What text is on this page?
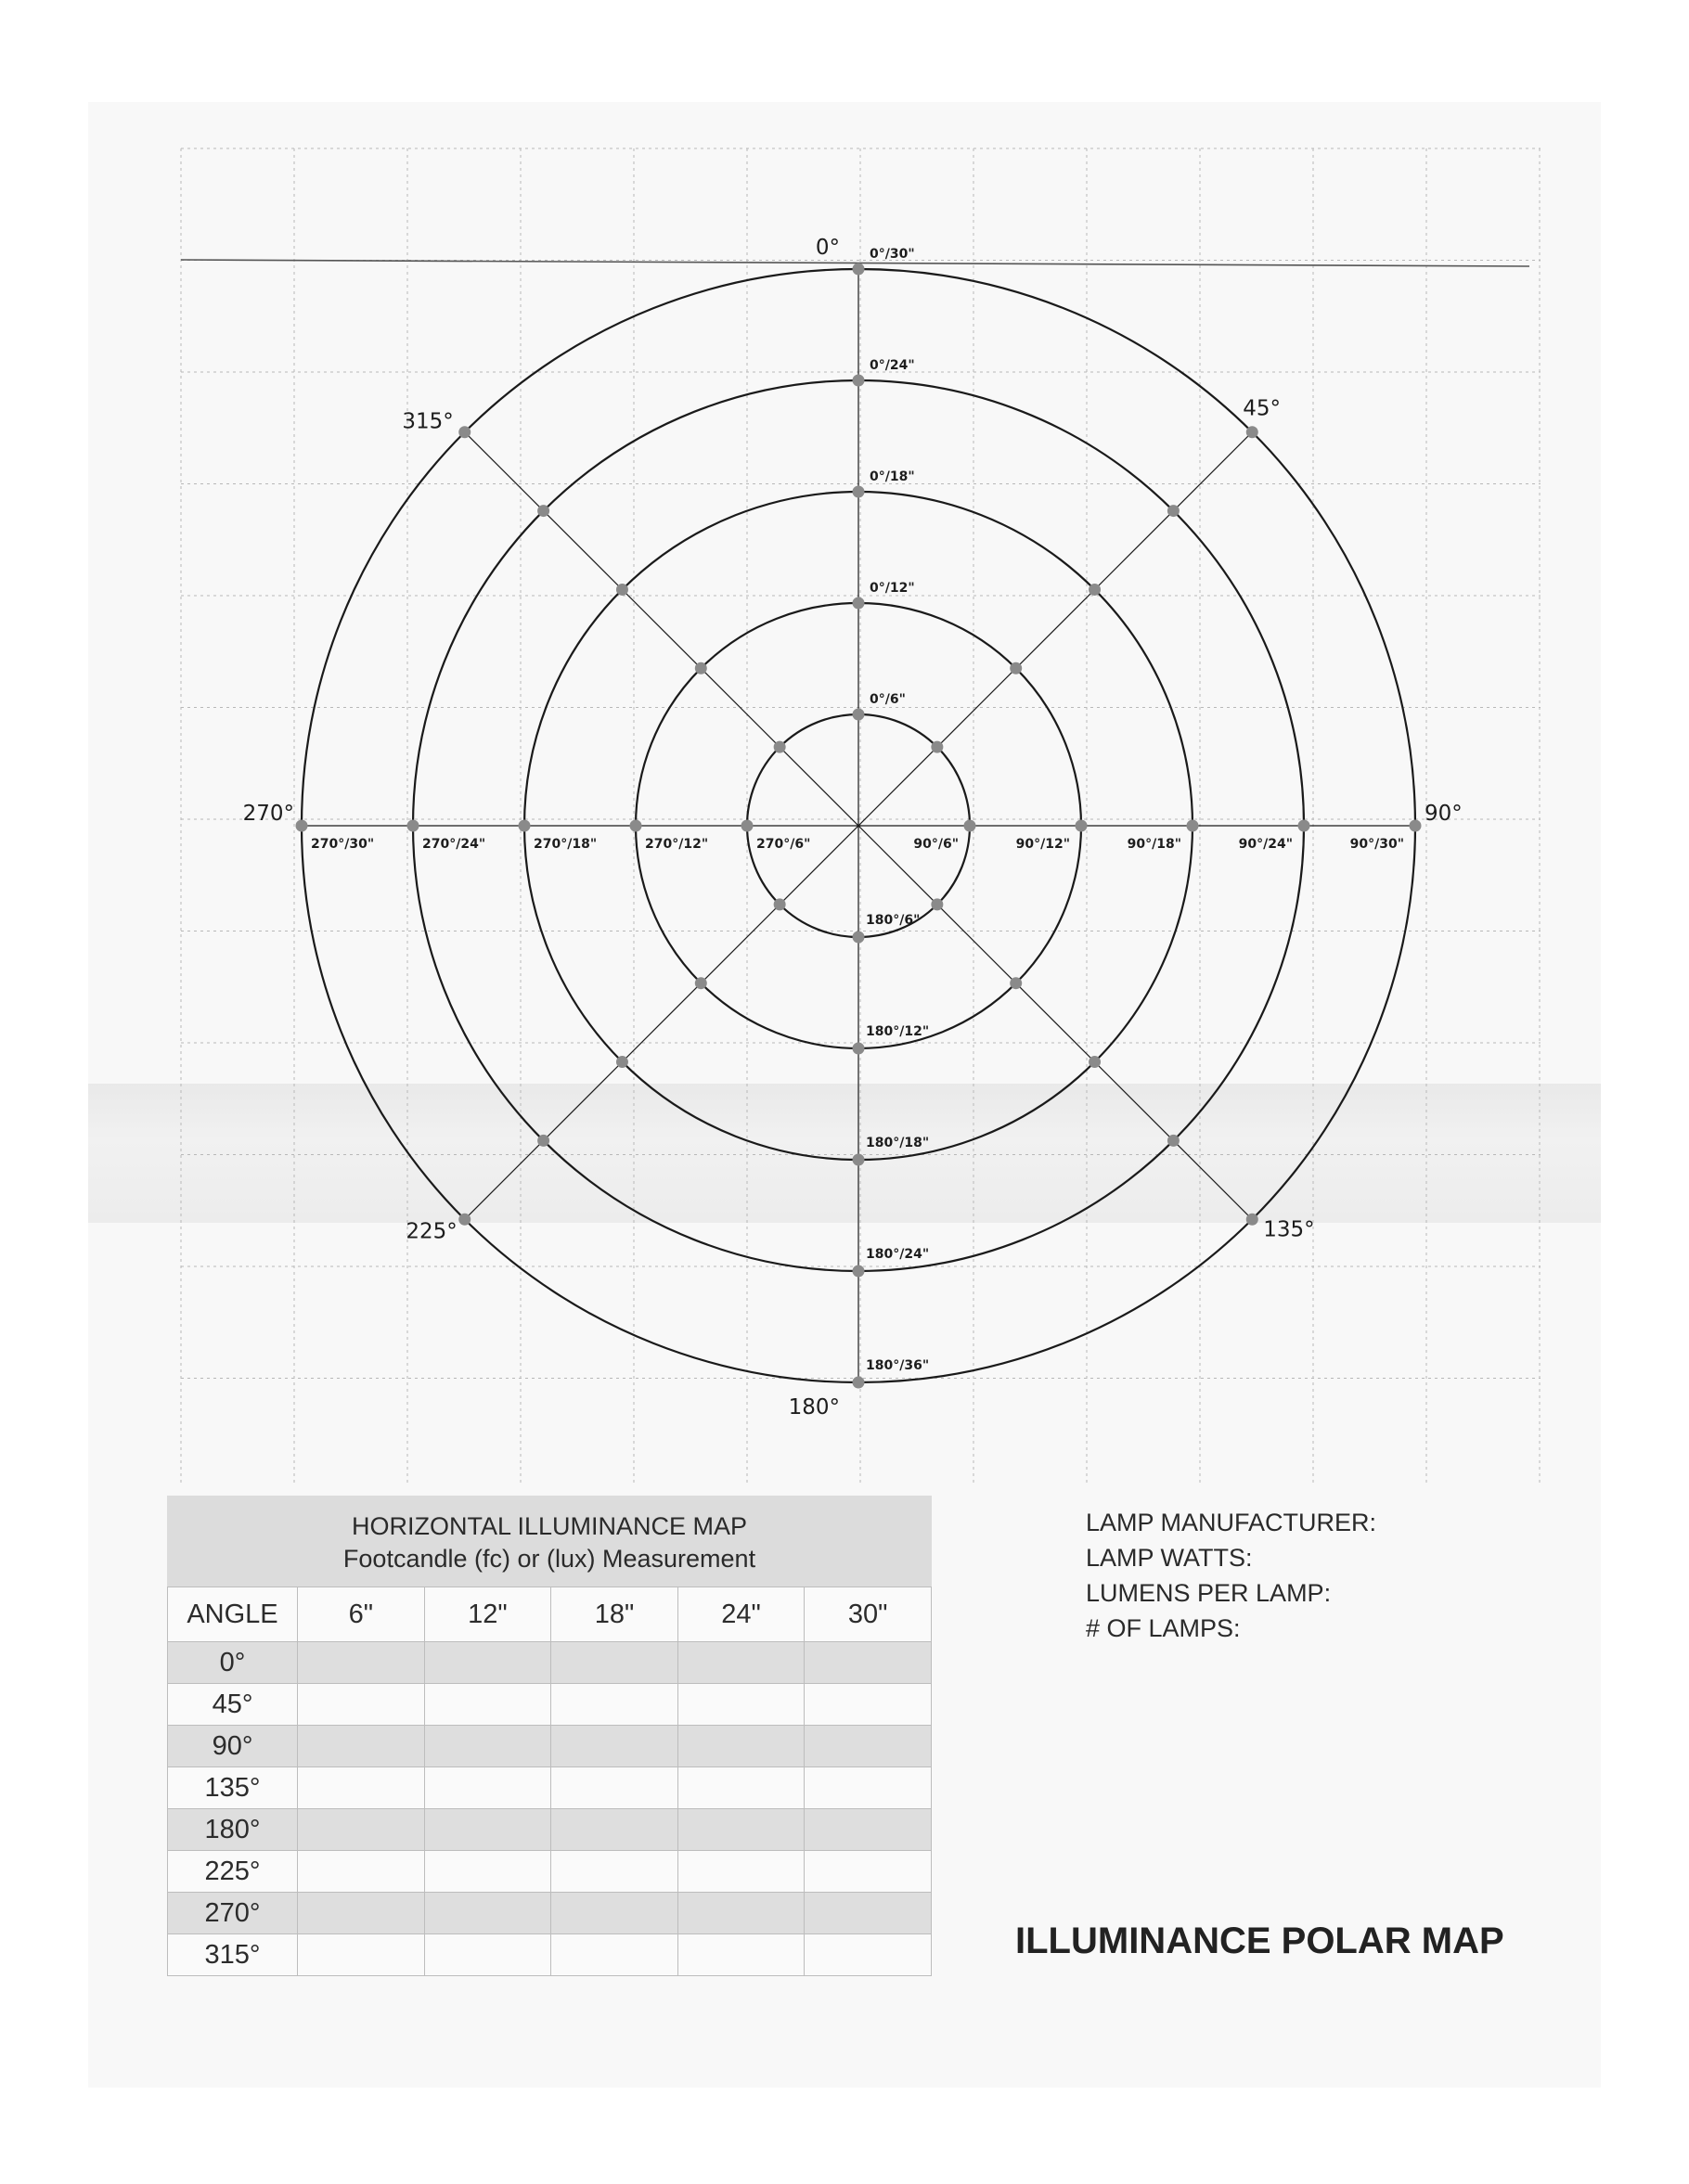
0°/6"
0°/12"
0°/18"
0°/24"
0°/30"
180°/6"
180°/12"
180°/18"
180°/24"
180°/36"
90°/6"	90°/12"	90°/18"	90°/24"	90°/30"
270°/6"
270°/12"
270°/18"
270°/24"
270°/30"
0°
45°
90°
135°
180°
225°
270°
315°
HORIZONTAL ILLUMINANCE MAP
Footcandle (fc) or (lux) Measurement
ANGLE	6"	12"	18"	24"	30"
0°					
45°					
90°					
135°					
180°					
225°					
270°					
315°					
LAMP MANUFACTURER:
LAMP WATTS:
LUMENS PER LAMP:
# OF LAMPS:
ILLUMINANCE POLAR MAP
